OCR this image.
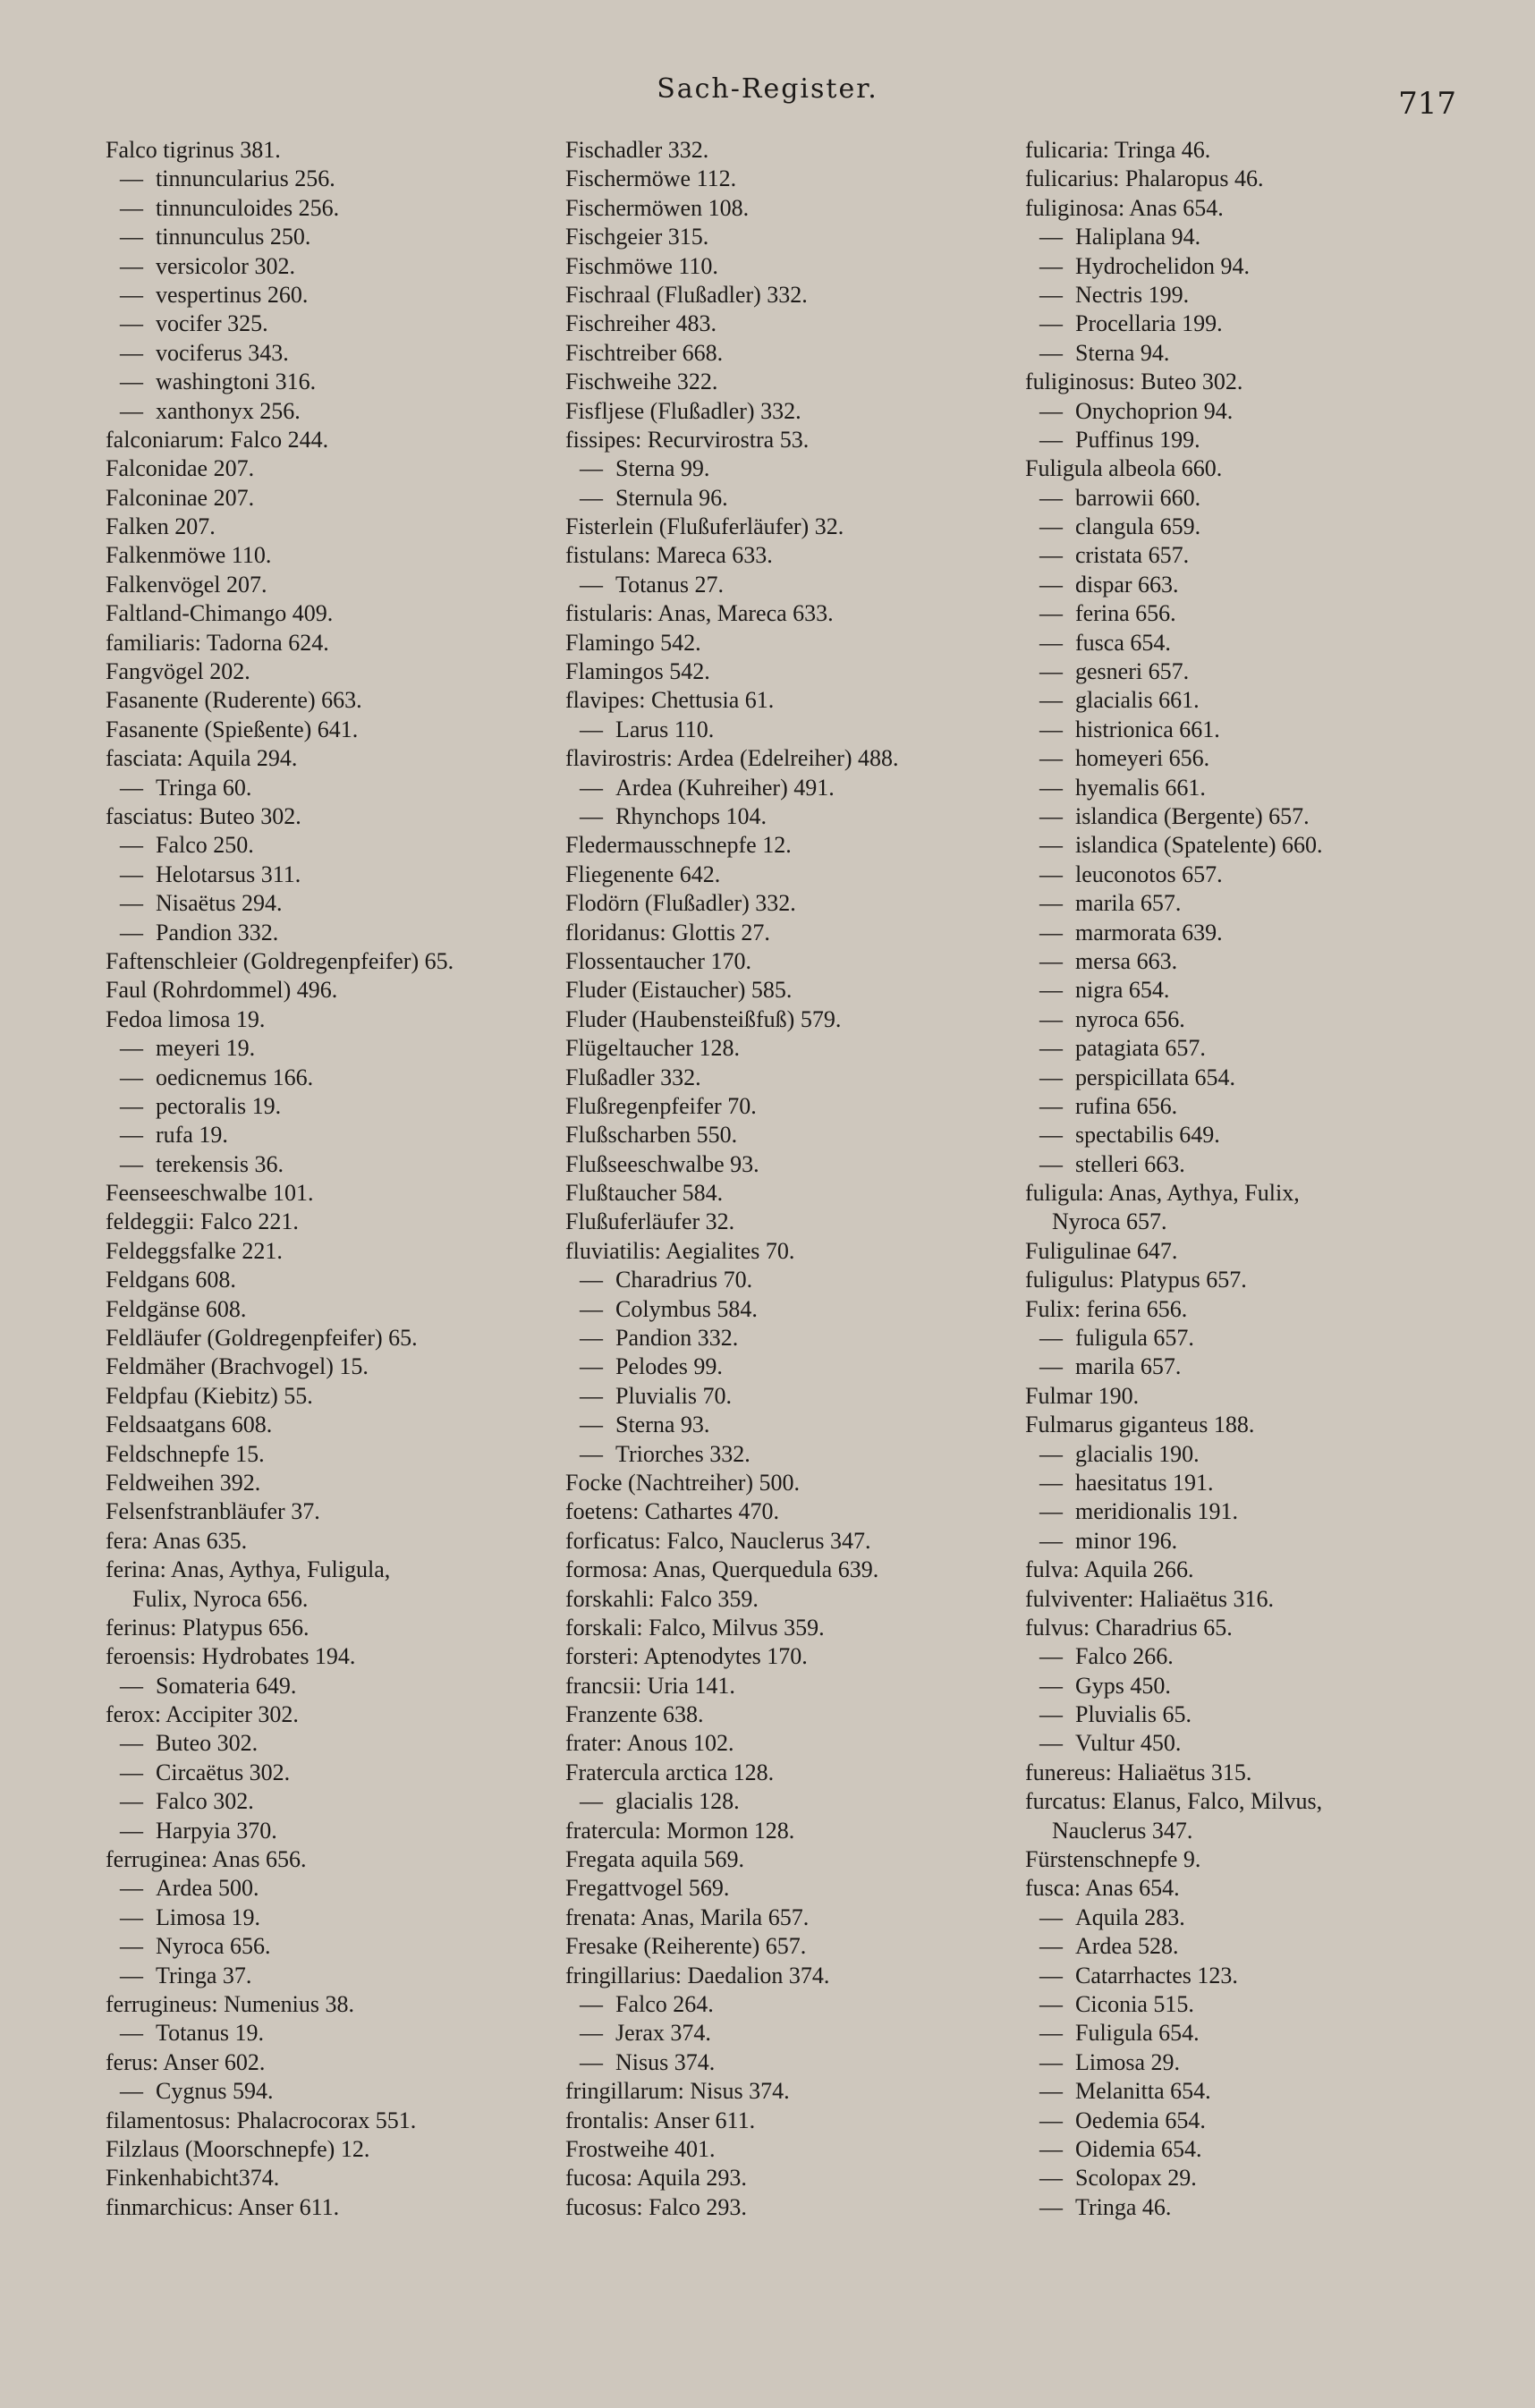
Sach-Register.	717
Falco tigrinus 381.
— tinnuncularius 256.
— tinnunculoides 256.
— tinnunculus 250.
— versicolor 302.
— vespertinus 260.
— vocifer 325.
— vociferus 343.
— washingtoni 316.
— xanthonyx 256.
falconiarum: Falco 244.
Falconidae 207.
Falconinae 207.
Falken 207.
Falkenmöwe 110.
Falkenvögel 207.
Faltland-Chimango 409.
familiaris: Tadorna 624.
Fangvögel 202.
Fasanente (Ruderente) 663.
Fasanente (Spießente) 641.
fasciata: Aquila 294.
— Tringa 60.
fasciatus: Buteo 302.
— Falco 250.
— Helotarsus 311.
— Nisaëtus 294.
— Pandion 332.
Faftenschleier (Goldregenpfeifer) 65.
Faul (Rohrdommel) 496.
Fedoa limosa 19.
— meyeri 19.
— oedicnemus 166.
— pectoralis 19.
— rufa 19.
— terekensis 36.
Feenseeschwalbe 101.
feldeggii: Falco 221.
Feldeggsfalke 221.
Feldgans 608.
Feldgänse 608.
Feldläufer (Goldregenpfeifer) 65.
Feldmäher (Brachvogel) 15.
Feldpfau (Kiebitz) 55.
Feldsaatgans 608.
Feldschnepfe 15.
Feldweihen 392.
Felsenfstranbläufer 37.
fera: Anas 635.
ferina: Anas, Aythya, Fuligula,
Fulix, Nyroca 656.
ferinus: Platypus 656.
feroensis: Hydrobates 194.
— Somateria 649.
ferox: Accipiter 302.
— Buteo 302.
— Circaëtus 302.
— Falco 302.
— Harpyia 370.
ferruginea: Anas 656.
— Ardea 500.
— Limosa 19.
— Nyroca 656.
— Tringa 37.
ferrugineus: Numenius 38.
— Totanus 19.
ferus: Anser 602.
— Cygnus 594.
filamentosus: Phalacrocorax 551.
Filzlaus (Moorschnepfe) 12.
Finkenhabicht374.
finmarchicus: Anser 611.
Fischadler 332.
Fischermöwe 112.
Fischermöwen 108.
Fischgeier 315.
Fischmöwe 110.
Fischraal (Flußadler) 332.
Fischreiher 483.
Fischtreiber 668.
Fischweihe 322.
Fisfljese (Flußadler) 332.
fissipes: Recurvirostra 53.
— Sterna 99.
— Sternula 96.
Fisterlein (Flußuferläufer) 32.
fistulans: Mareca 633.
— Totanus 27.
fistularis: Anas, Mareca 633.
Flamingo 542.
Flamingos 542.
flavipes: Chettusia 61.
— Larus 110.
flavirostris: Ardea (Edelreiher) 488.
— Ardea (Kuhreiher) 491.
— Rhynchops 104.
Fledermausschnepfe 12.
Fliegenente 642.
Flodörn (Flußadler) 332.
floridanus: Glottis 27.
Flossentaucher 170.
Fluder (Eistaucher) 585.
Fluder (Haubensteißfuß) 579.
Flügeltaucher 128.
Flußadler 332.
Flußregenpfeifer 70.
Flußscharben 550.
Flußseeschwalbe 93.
Flußtaucher 584.
Flußuferläufer 32.
fluviatilis: Aegialites 70.
— Charadrius 70.
— Colymbus 584.
— Pandion 332.
— Pelodes 99.
— Pluvialis 70.
— Sterna 93.
— Triorches 332.
Focke (Nachtreiher) 500.
foetens: Cathartes 470.
forficatus: Falco, Nauclerus 347.
formosa: Anas, Querquedula 639.
forskahli: Falco 359.
forskali: Falco, Milvus 359.
forsteri: Aptenodytes 170.
francsii: Uria 141.
Franzente 638.
frater: Anous 102.
Fratercula arctica 128.
— glacialis 128.
fratercula: Mormon 128.
Fregata aquila 569.
Fregattvogel 569.
frenata: Anas, Marila 657.
Fresake (Reiherente) 657.
fringillarius: Daedalion 374.
— Falco 264.
— Jerax 374.
— Nisus 374.
fringillarum: Nisus 374.
frontalis: Anser 611.
Frostweihe 401.
fucosa: Aquila 293.
fucosus: Falco 293.
fulicaria: Tringa 46.
fulicarius: Phalaropus 46.
fuliginosa: Anas 654.
— Haliplana 94.
— Hydrochelidon 94.
— Nectris 199.
— Procellaria 199.
— Sterna 94.
fuliginosus: Buteo 302.
— Onychoprion 94.
— Puffinus 199.
Fuligula albeola 660.
— barrowii 660.
— clangula 659.
— cristata 657.
— dispar 663.
— ferina 656.
— fusca 654.
— gesneri 657.
— glacialis 661.
— histrionica 661.
— homeyeri 656.
— hyemalis 661.
— islandica (Bergente) 657.
— islandica (Spatelente) 660.
— leuconotos 657.
— marila 657.
— marmorata 639.
— mersa 663.
— nigra 654.
— nyroca 656.
— patagiata 657.
— perspicillata 654.
— rufina 656.
— spectabilis 649.
— stelleri 663.
fuligula: Anas, Aythya, Fulix,
Nyroca 657.
Fuligulinae 647.
fuligulus: Platypus 657.
Fulix: ferina 656.
— fuligula 657.
— marila 657.
Fulmar 190.
Fulmarus giganteus 188.
— glacialis 190.
— haesitatus 191.
— meridionalis 191.
— minor 196.
fulva: Aquila 266.
fulviventer: Haliaëtus 316.
fulvus: Charadrius 65.
— Falco 266.
— Gyps 450.
— Pluvialis 65.
— Vultur 450.
funereus: Haliaëtus 315.
furcatus: Elanus, Falco, Milvus,
Nauclerus 347.
Fürstenschnepfe 9.
fusca: Anas 654.
— Aquila 283.
— Ardea 528.
— Catarrhactes 123.
— Ciconia 515.
— Fuligula 654.
— Limosa 29.
— Melanitta 654.
— Oedemia 654.
— Oidemia 654.
— Scolopax 29.
— Tringa 46.
